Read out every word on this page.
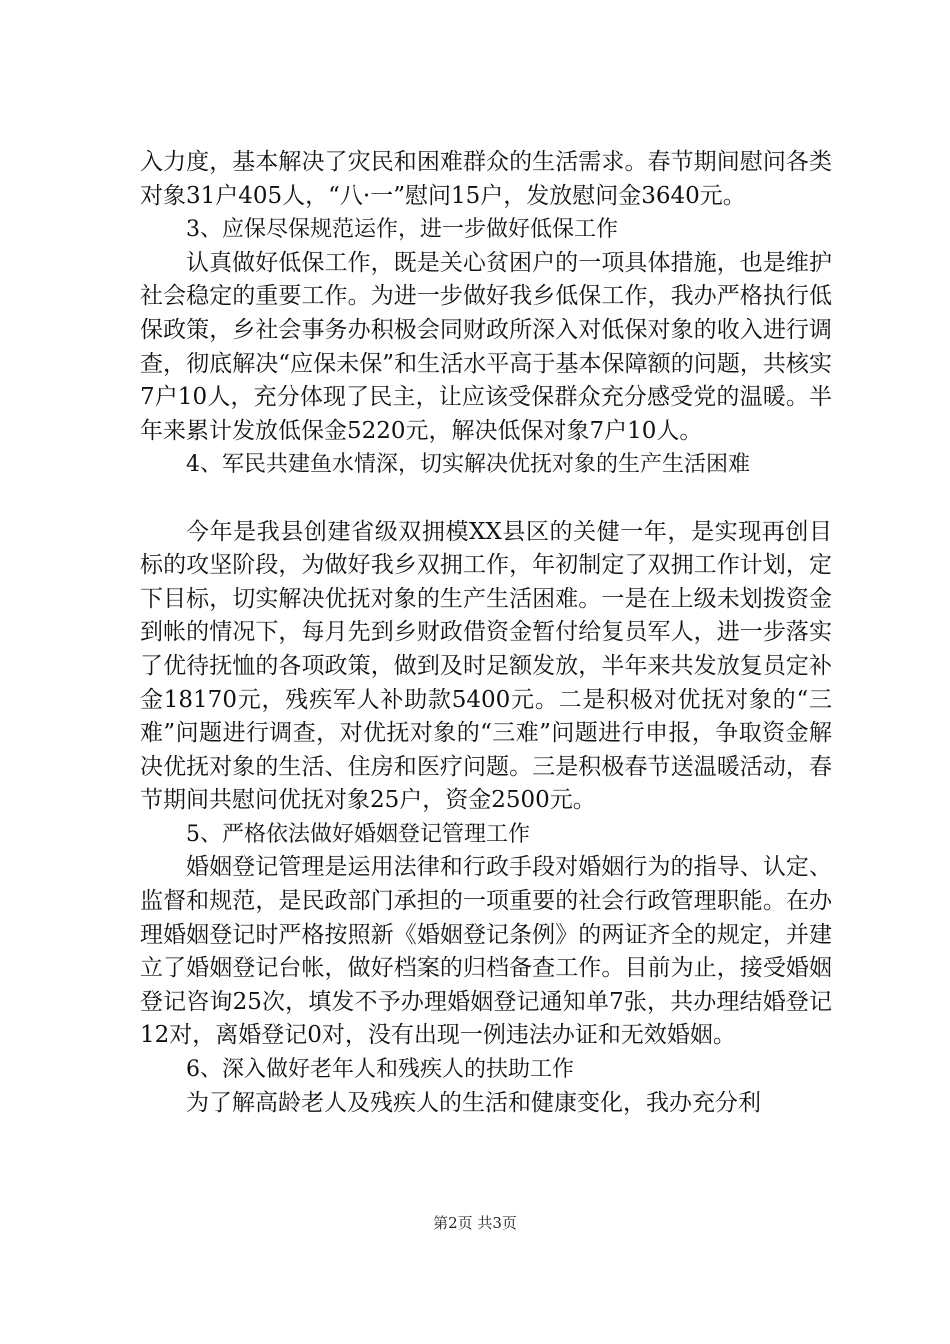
入力度，基本解决了灾民和困难群众的生活需求。春节期间慰问各类对象31户405人，“八·一”慰问15户，发放慰问金3640元。

3、应保尽保规范运作，进一步做好低保工作

认真做好低保工作，既是关心贫困户的一项具体措施，也是维护社会稳定的重要工作。为进一步做好我乡低保工作，我办严格执行低保政策，乡社会事务办积极会同财政所深入对低保对象的收入进行调查，彻底解决“应保未保”和生活水平高于基本保障额的问题，共核实7户10人，充分体现了民主，让应该受保群众充分感受党的温暖。半年来累计发放低保金5220元，解决低保对象7户10人。

4、军民共建鱼水情深，切实解决优抚对象的生产生活困难

今年是我县创建省级双拥模XX县区的关健一年，是实现再创目标的攻坚阶段，为做好我乡双拥工作，年初制定了双拥工作计划，定下目标，切实解决优抚对象的生产生活困难。一是在上级未划拨资金到帐的情况下，每月先到乡财政借资金暂付给复员军人，进一步落实了优待抚恤的各项政策，做到及时足额发放，半年来共发放复员定补金18170元，残疾军人补助款5400元。二是积极对优抚对象的“三难”问题进行调查，对优抚对象的“三难”问题进行申报，争取资金解决优抚对象的生活、住房和医疗问题。三是积极春节送温暖活动，春节期间共慰问优抚对象25户，资金2500元。

5、严格依法做好婚姻登记管理工作

婚姻登记管理是运用法律和行政手段对婚姻行为的指导、认定、监督和规范，是民政部门承担的一项重要的社会行政管理职能。在办理婚姻登记时严格按照新《婚姻登记条例》的两证齐全的规定，并建立了婚姻登记台帐，做好档案的归档备查工作。目前为止，接受婚姻登记咨询25次，填发不予办理婚姻登记通知单7张，共办理结婚登记12对，离婚登记0对，没有出现一例违法办证和无效婚姻。

6、深入做好老年人和残疾人的扶助工作

为了解高龄老人及残疾人的生活和健康变化，我办充分利

第2页 共3页
